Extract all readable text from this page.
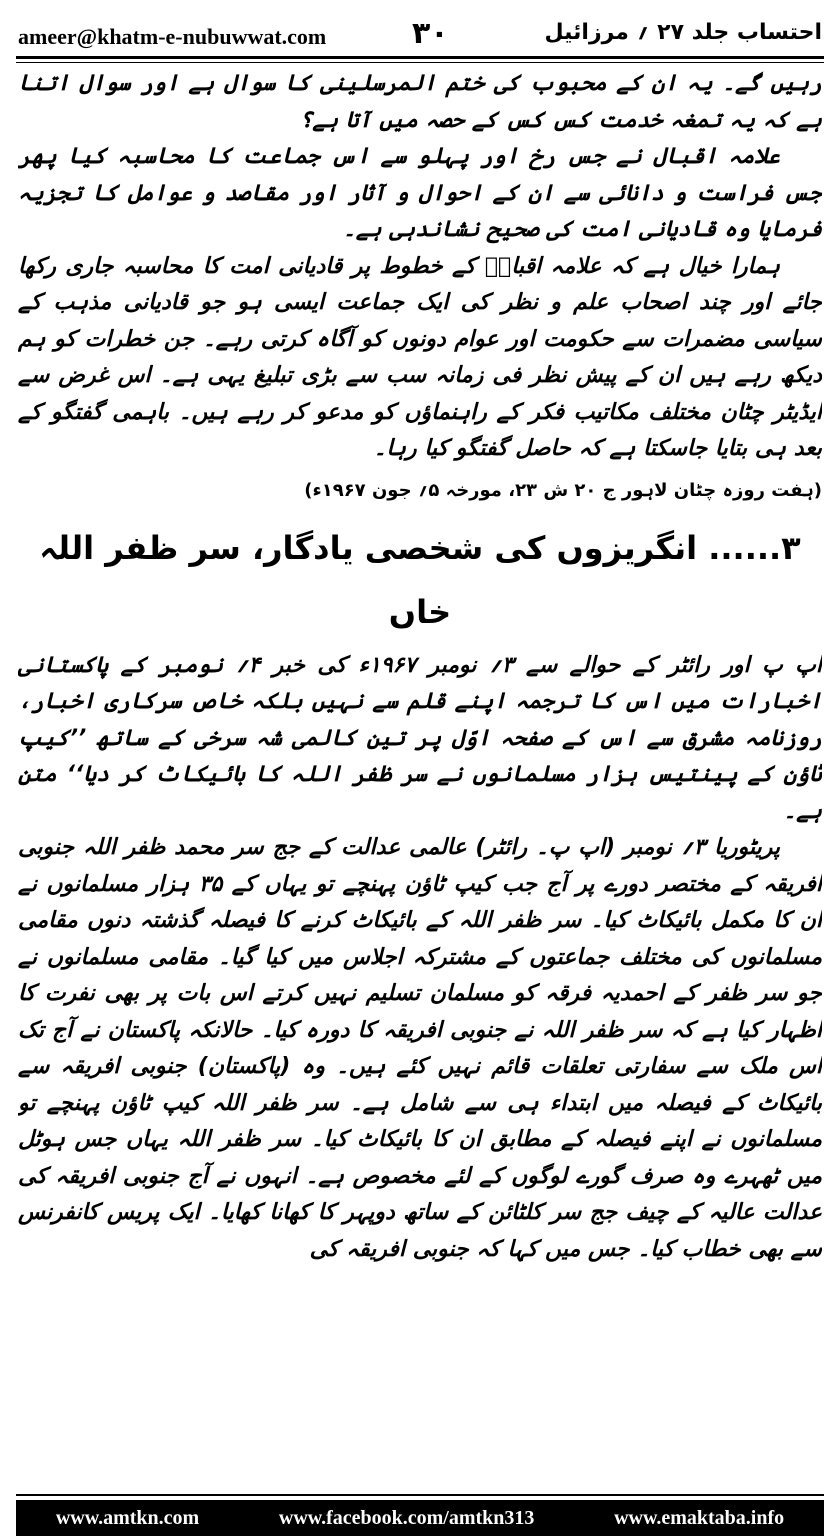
ameer@khatm-e-nubuwwat.com	۳۰	احتساب جلد ۲۷ ؍ مرزائیل

رہیں گے۔ یہ ان کے محبوب کی ختم المرسلینی کا سوال ہے اور سوال اتنا ہے کہ یہ تمغہ خدمت کس کس کے حصہ میں آتا ہے؟

علامہ اقبال نے جس رخ اور پہلو سے اس جماعت کا محاسبہ کیا پھر جس فراست و دانائی سے ان کے احوال و آثار اور مقاصد و عوامل کا تجزیہ فرمایا وہ قادیانی امت کی صحیح نشاندہی ہے۔

ہمارا خیال ہے کہ علامہ اقبالؒ کے خطوط پر قادیانی امت کا محاسبہ جاری رکھا جائے اور چند اصحاب علم و نظر کی ایک جماعت ایسی ہو جو قادیانی مذہب کے سیاسی مضمرات سے حکومت اور عوام دونوں کو آگاہ کرتی رہے۔ جن خطرات کو ہم دیکھ رہے ہیں ان کے پیش نظر فی زمانہ سب سے بڑی تبلیغ یہی ہے۔ اس غرض سے ایڈیٹر چٹان مختلف مکاتیب فکر کے راہنماؤں کو مدعو کر رہے ہیں۔ باہمی گفتگو کے بعد ہی بتایا جاسکتا ہے کہ حاصل گفتگو کیا رہا۔

(ہفت روزہ چٹان لاہور ج ۲۰ ش ۲۳، مورخہ ۵؍ جون ۱۹۶۷ء)

۳...... انگریزوں کی شخصی یادگار، سر ظفر اللہ خاں

اپ پ اور رائٹر کے حوالے سے ۳؍ نومبر ۱۹۶۷ء کی خبر ۴؍ نومبر کے پاکستانی اخبارات میں اس کا ترجمہ اپنے قلم سے نہیں بلکہ خاص سرکاری اخبار، روزنامہ مشرق سے اس کے صفحہ اوّل پر تین کالمی شہ سرخی کے ساتھ ’’کیپ ٹاؤن کے پینتیس ہزار مسلمانوں نے سر ظفر اللہ کا بائیکاٹ کر دیا‘‘ متن ہے۔

پریٹوریا ۳؍ نومبر (اپ پ۔ رائٹر) عالمی عدالت کے جج سر محمد ظفر اللہ جنوبی افریقہ کے مختصر دورے پر آج جب کیپ ٹاؤن پہنچے تو یہاں کے ۳۵ ہزار مسلمانوں نے ان کا مکمل بائیکاٹ کیا۔ سر ظفر اللہ کے بائیکاٹ کرنے کا فیصلہ گذشتہ دنوں مقامی مسلمانوں کی مختلف جماعتوں کے مشترکہ اجلاس میں کیا گیا۔ مقامی مسلمانوں نے جو سر ظفر کے احمدیہ فرقہ کو مسلمان تسلیم نہیں کرتے اس بات پر بھی نفرت کا اظہار کیا ہے کہ سر ظفر اللہ نے جنوبی افریقہ کا دورہ کیا۔ حالانکہ پاکستان نے آج تک اس ملک سے سفارتی تعلقات قائم نہیں کئے ہیں۔ وہ (پاکستان) جنوبی افریقہ سے بائیکاٹ کے فیصلہ میں ابتداء ہی سے شامل ہے۔ سر ظفر اللہ کیپ ٹاؤن پہنچے تو مسلمانوں نے اپنے فیصلہ کے مطابق ان کا بائیکاٹ کیا۔ سر ظفر اللہ یہاں جس ہوٹل میں ٹھہرے وہ صرف گورے لوگوں کے لئے مخصوص ہے۔ انہوں نے آج جنوبی افریقہ کی عدالت عالیہ کے چیف جج سر کلٹائن کے ساتھ دوپہر کا کھانا کھایا۔ ایک پریس کانفرنس سے بھی خطاب کیا۔ جس میں کہا کہ جنوبی افریقہ کی

www.amtkn.com	www.facebook.com/amtkn313	www.emaktaba.info
